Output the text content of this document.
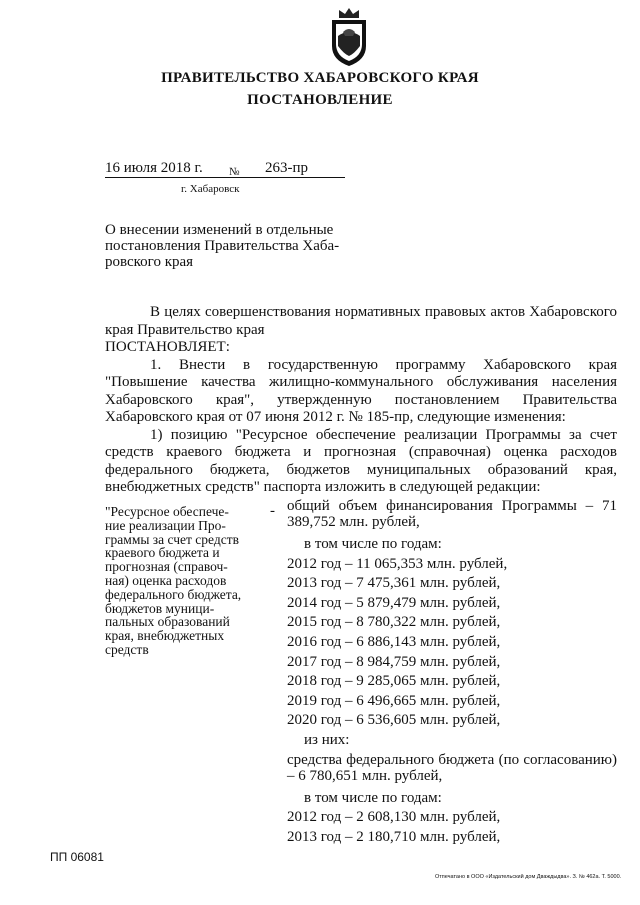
ПРАВИТЕЛЬСТВО ХАБАРОВСКОГО КРАЯ
ПОСТАНОВЛЕНИЕ
16 июля 2018 г.	№	263-пр
г. Хабаровск
О внесении изменений в отдельные
постановления Правительства Хаба-
ровского края

В целях совершенствования нормативных правовых актов Хабаровского края Правительство края

ПОСТАНОВЛЯЕТ:

1. Внести в государственную программу Хабаровского края "Повышение качества жилищно-коммунального обслуживания населения Хабаровского края", утвержденную постановлением Правительства Хабаровского края от 07 июня 2012 г. № 185-пр, следующие изменения:

1) позицию "Ресурсное обеспечение реализации Программы за счет средств краевого бюджета и прогнозная (справочная) оценка расходов федерального бюджета, бюджетов муниципальных образований края, внебюджетных средств" паспорта изложить в следующей редакции:

"Ресурсное обеспече-
ние реализации Про-
граммы за счет средств
краевого бюджета и
прогнозная (справоч-
ная) оценка расходов
федерального бюджета,
бюджетов муници-
пальных образований
края, внебюджетных
средств
- общий объем финансирования Программы – 71 389,752 млн. рублей,

в том числе по годам:

2012 год – 11 065,353 млн. рублей,

2013 год – 7 475,361 млн. рублей,

2014 год – 5 879,479 млн. рублей,

2015 год – 8 780,322 млн. рублей,

2016 год – 6 886,143 млн. рублей,

2017 год – 8 984,759 млн. рублей,

2018 год – 9 285,065 млн. рублей,

2019 год – 6 496,665 млн. рублей,

2020 год – 6 536,605 млн. рублей,

из них:

средства федерального бюджета (по согласованию) – 6 780,651 млн. рублей,

в том числе по годам:

2012 год – 2 608,130 млн. рублей,

2013 год – 2 180,710 млн. рублей,

ПП 06081
Отпечатано в ООО «Издательский дом Дваждыдва». З. № 462а. Т. 5000.
